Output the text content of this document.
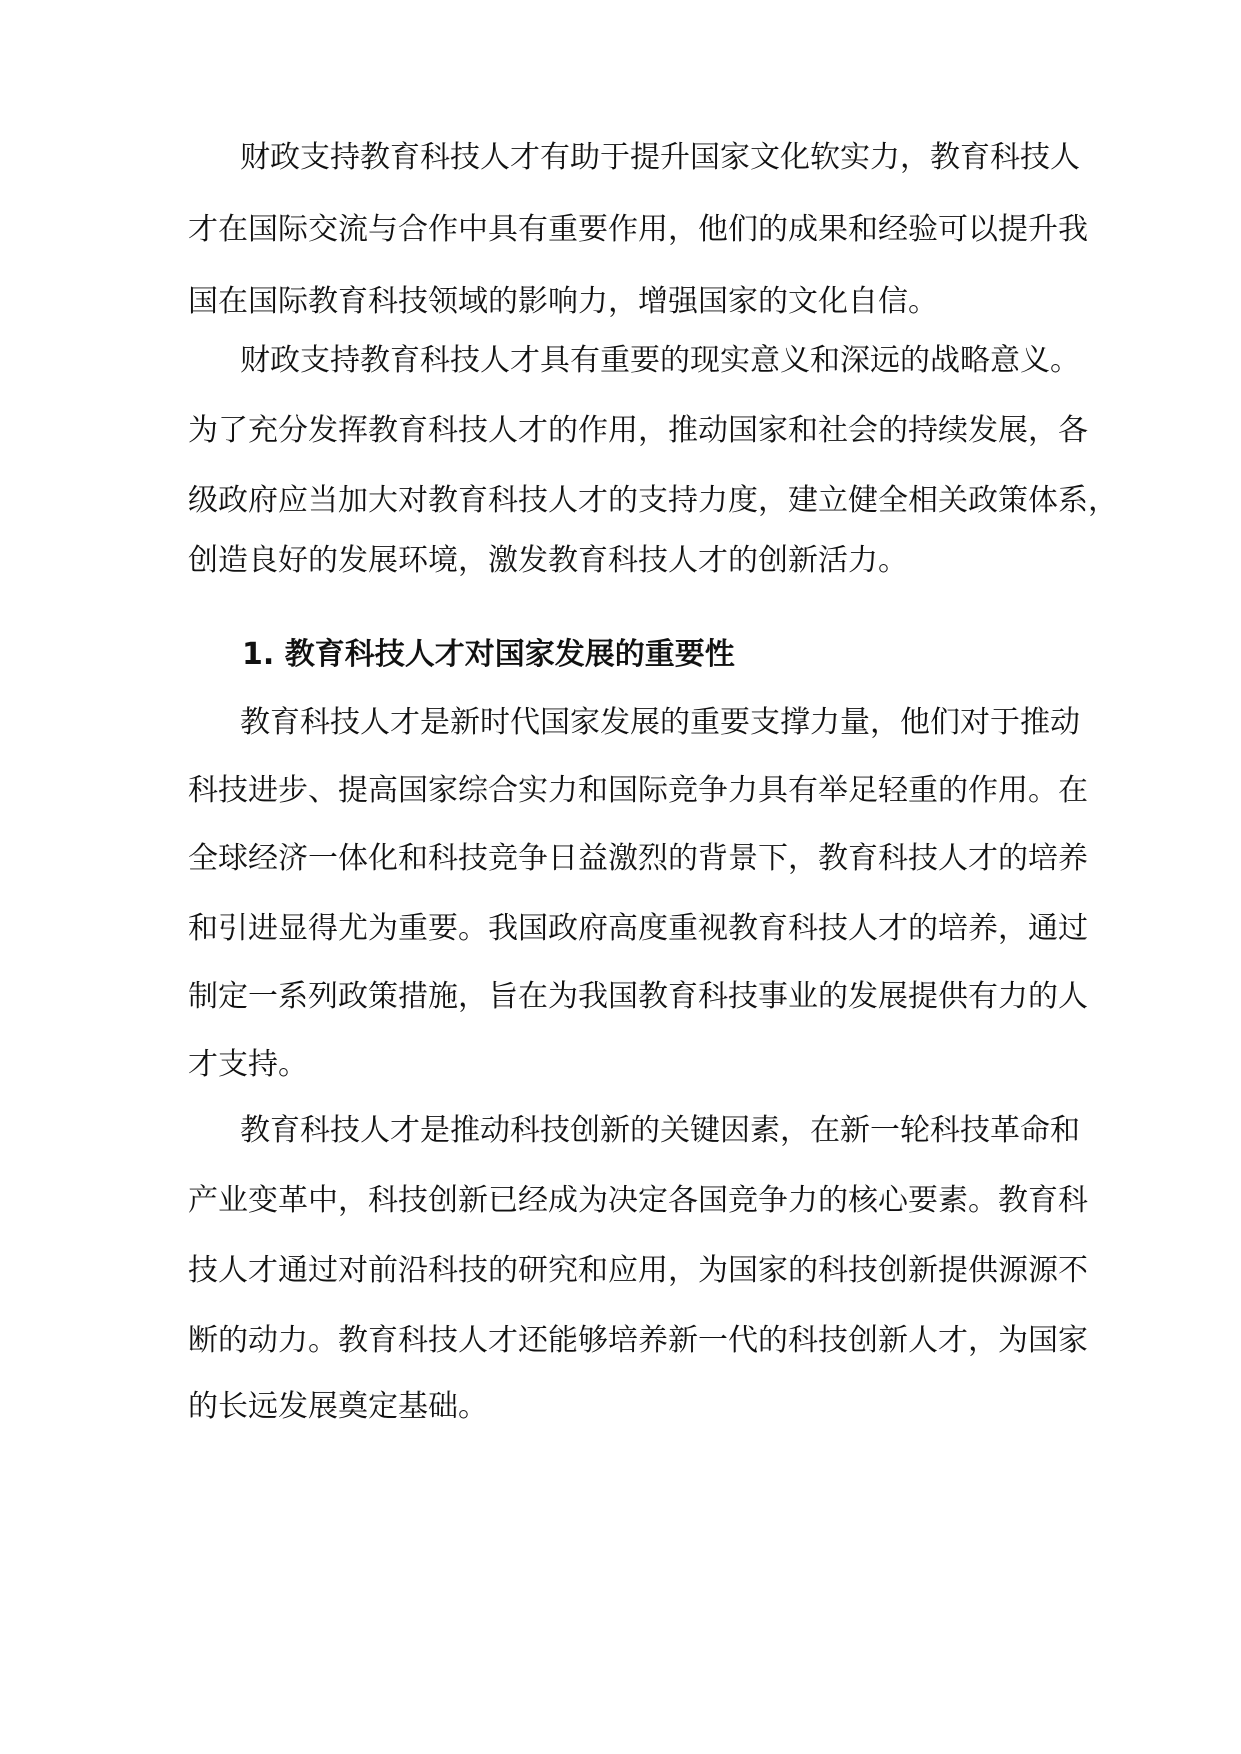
财政支持教育科技人才有助于提升国家文化软实力，教育科技人
才在国际交流与合作中具有重要作用，他们的成果和经验可以提升我
国在国际教育科技领域的影响力，增强国家的文化自信。
财政支持教育科技人才具有重要的现实意义和深远的战略意义。
为了充分发挥教育科技人才的作用，推动国家和社会的持续发展，各
级政府应当加大对教育科技人才的支持力度，建立健全相关政策体系，
创造良好的发展环境，激发教育科技人才的创新活力。
1. 教育科技人才对国家发展的重要性
教育科技人才是新时代国家发展的重要支撑力量，他们对于推动
科技进步、提高国家综合实力和国际竞争力具有举足轻重的作用。在
全球经济一体化和科技竞争日益激烈的背景下，教育科技人才的培养
和引进显得尤为重要。我国政府高度重视教育科技人才的培养，通过
制定一系列政策措施，旨在为我国教育科技事业的发展提供有力的人
才支持。
教育科技人才是推动科技创新的关键因素，在新一轮科技革命和
产业变革中，科技创新已经成为决定各国竞争力的核心要素。教育科
技人才通过对前沿科技的研究和应用，为国家的科技创新提供源源不
断的动力。教育科技人才还能够培养新一代的科技创新人才，为国家
的长远发展奠定基础。
